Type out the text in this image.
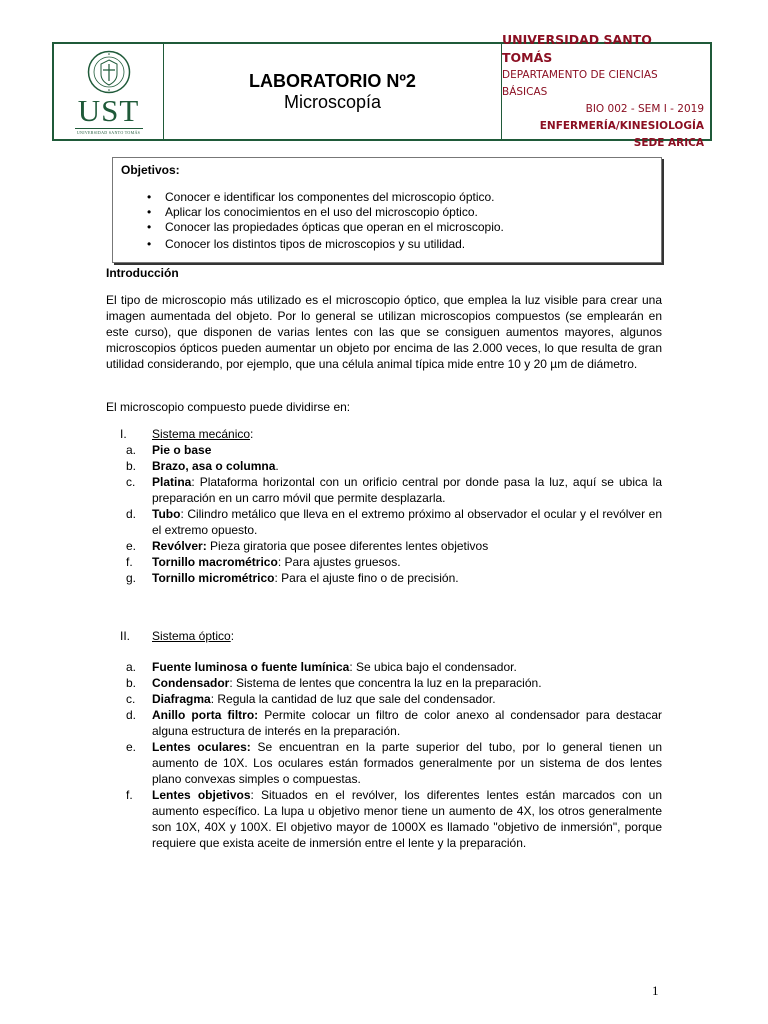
UST
UNIVERSIDAD SANTO TOMÁS
LABORATORIO Nº2
Microscopía
UNIVERSIDAD SANTO TOMÁS
DEPARTAMENTO DE CIENCIAS BÁSICAS
BIO 002 - SEM I - 2019
ENFERMERÍA/KINESIOLOGÍA
SEDE ARICA
Objetivos:
• Conocer e identificar los componentes del microscopio óptico.
• Aplicar los conocimientos en el uso del microscopio óptico.
• Conocer las propiedades ópticas que operan en el microscopio.
• Conocer los distintos tipos de microscopios y su utilidad.
Introducción
El tipo de microscopio más utilizado es el microscopio óptico, que emplea la luz visible para crear una imagen aumentada del objeto. Por lo general se utilizan microscopios compuestos (se emplearán en este curso), que disponen de varias lentes con las que se consiguen aumentos mayores, algunos microscopios ópticos pueden aumentar un objeto por encima de las 2.000 veces, lo que resulta de gran utilidad considerando, por ejemplo, que una célula animal típica mide entre 10 y 20 µm de diámetro.
El microscopio compuesto puede dividirse en:
I. Sistema mecánico:
a. Pie o base
b. Brazo, asa o columna.
c. Platina: Plataforma horizontal con un orificio central por donde pasa la luz, aquí se ubica la preparación en un carro móvil que permite desplazarla.
d. Tubo: Cilindro metálico que lleva en el extremo próximo al observador el ocular y el revólver en el extremo opuesto.
e. Revólver: Pieza giratoria que posee diferentes lentes objetivos
f. Tornillo macrométrico: Para ajustes gruesos.
g. Tornillo micrométrico: Para el ajuste fino o de precisión.
II. Sistema óptico:
a. Fuente luminosa o fuente lumínica: Se ubica bajo el condensador.
b. Condensador: Sistema de lentes que concentra la luz en la preparación.
c. Diafragma: Regula la cantidad de luz que sale del condensador.
d. Anillo porta filtro: Permite colocar un filtro de color anexo al condensador para destacar alguna estructura de interés en la preparación.
e. Lentes oculares: Se encuentran en la parte superior del tubo, por lo general tienen un aumento de 10X. Los oculares están formados generalmente por un sistema de dos lentes plano convexas simples o compuestas.
f. Lentes objetivos: Situados en el revólver, los diferentes lentes están marcados con un aumento específico. La lupa u objetivo menor tiene un aumento de 4X, los otros generalmente son 10X, 40X y 100X. El objetivo mayor de 1000X es llamado "objetivo de inmersión", porque requiere que exista aceite de inmersión entre el lente y la preparación.
1
